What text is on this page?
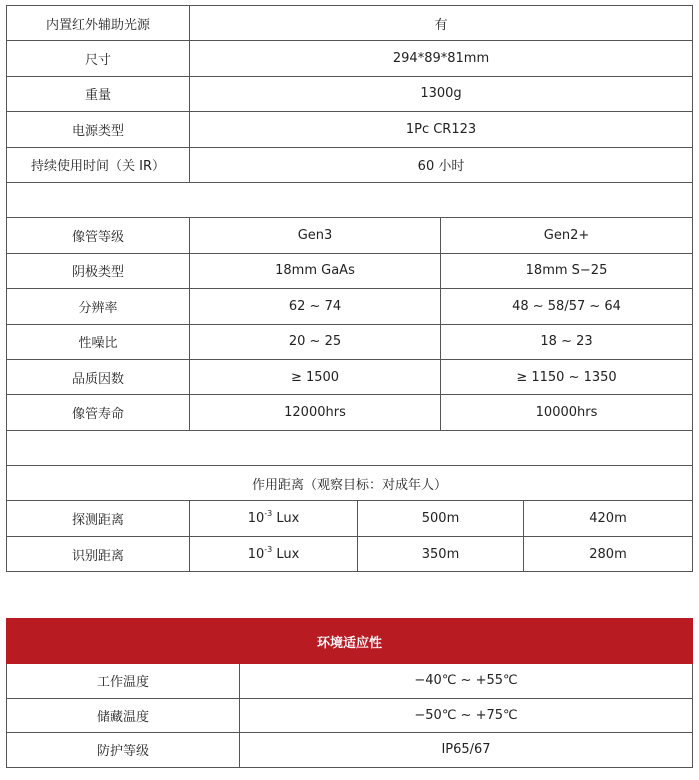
内置红外辅助光源	有			
尺寸	294*89*81mm			
重量	1300g			
电源类型	1Pc CR123			
持续使用时间（关 IR）	60 小时			

像管等级	Gen3		Gen2+	
阴极类型	18mm GaAs		18mm S−25	
分辨率	62 ~ 74		48 ~ 58/57 ~ 64	
性噪比	20 ~ 25		18 ~ 23	
品质因数	≥ 1500		≥ 1150 ~ 1350	
像管寿命	12000hrs		10000hrs	

作用距离（观察目标：对成年人）				
探测距离	$10^{-3}$ Lux	500m		420m
识别距离	$10^{-3}$ Lux	350m		280m
环境适应性	
工作温度	−40℃ ~ +55℃
储藏温度	−50℃ ~ +75℃
防护等级	IP65/67
